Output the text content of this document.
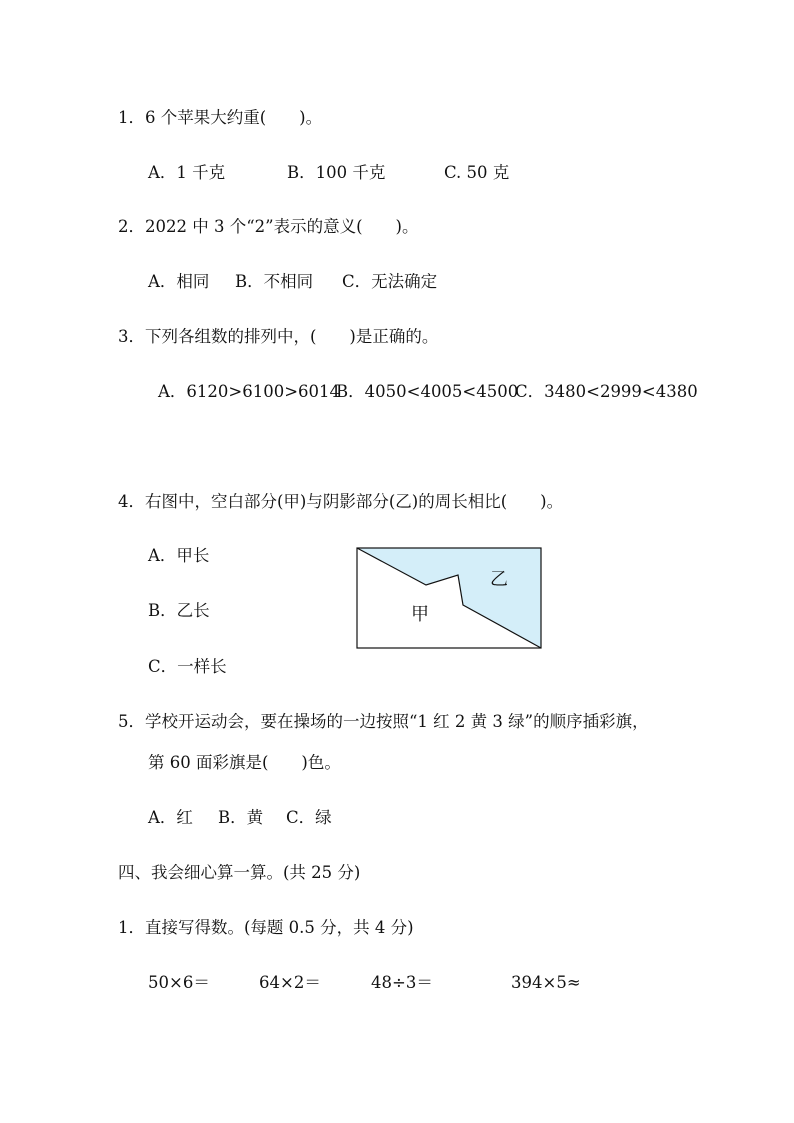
1．6 个苹果大约重(　　)。
A．1 千克	B．100 千克	C. 50 克
2．2022 中 3 个“2”表示的意义(　　)。
A．相同 B．不相同 C．无法确定
3．下列各组数的排列中，(　　)是正确的。
A．6120>6100>6014
B．4050<4005<4500
C．3480<2999<4380
4．右图中，空白部分(甲)与阴影部分(乙)的周长相比(　　)。
A．甲长
B．乙长
C．一样长
乙
甲
5．学校开运动会，要在操场的一边按照“1 红 2 黄 3 绿”的顺序插彩旗，
第 60 面彩旗是(　　)色。
A．红 B．黄 C．绿
四、我会细心算一算。(共 25 分)
1．直接写得数。(每题 0.5 分，共 4 分)
50×6＝	64×2＝	48÷3＝	394×5≈
